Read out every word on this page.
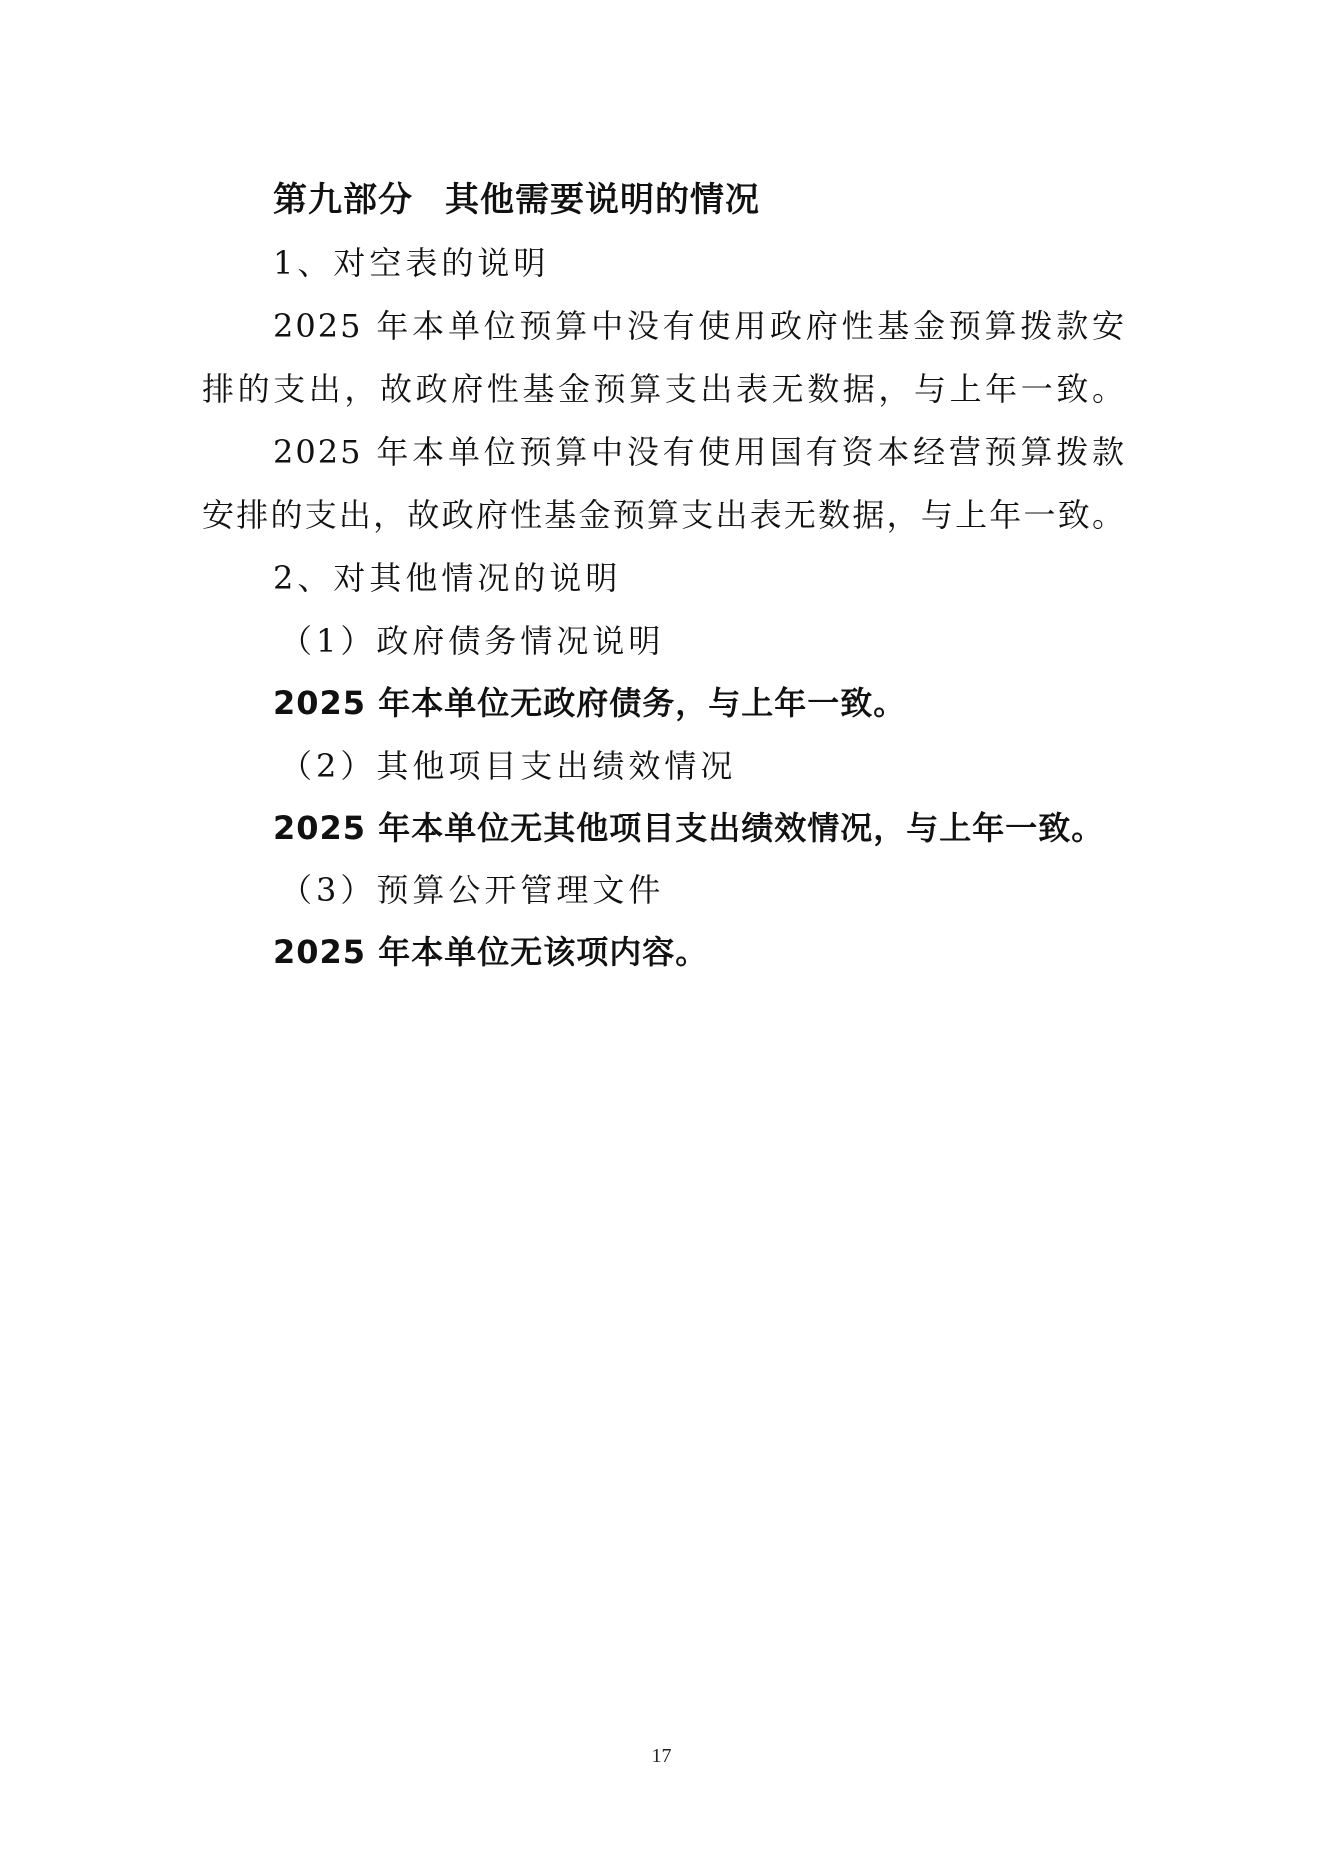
第九部分 其他需要说明的情况
1、对空表的说明
2025 年本单位预算中没有使用政府性基金预算拨款安
排的支出，故政府性基金预算支出表无数据，与上年一致。
2025 年本单位预算中没有使用国有资本经营预算拨款
安排的支出，故政府性基金预算支出表无数据，与上年一致。
2、对其他情况的说明
（1）政府债务情况说明
2025 年本单位无政府债务，与上年一致。
（2）其他项目支出绩效情况
2025 年本单位无其他项目支出绩效情况，与上年一致。
（3）预算公开管理文件
2025 年本单位无该项内容。
17
